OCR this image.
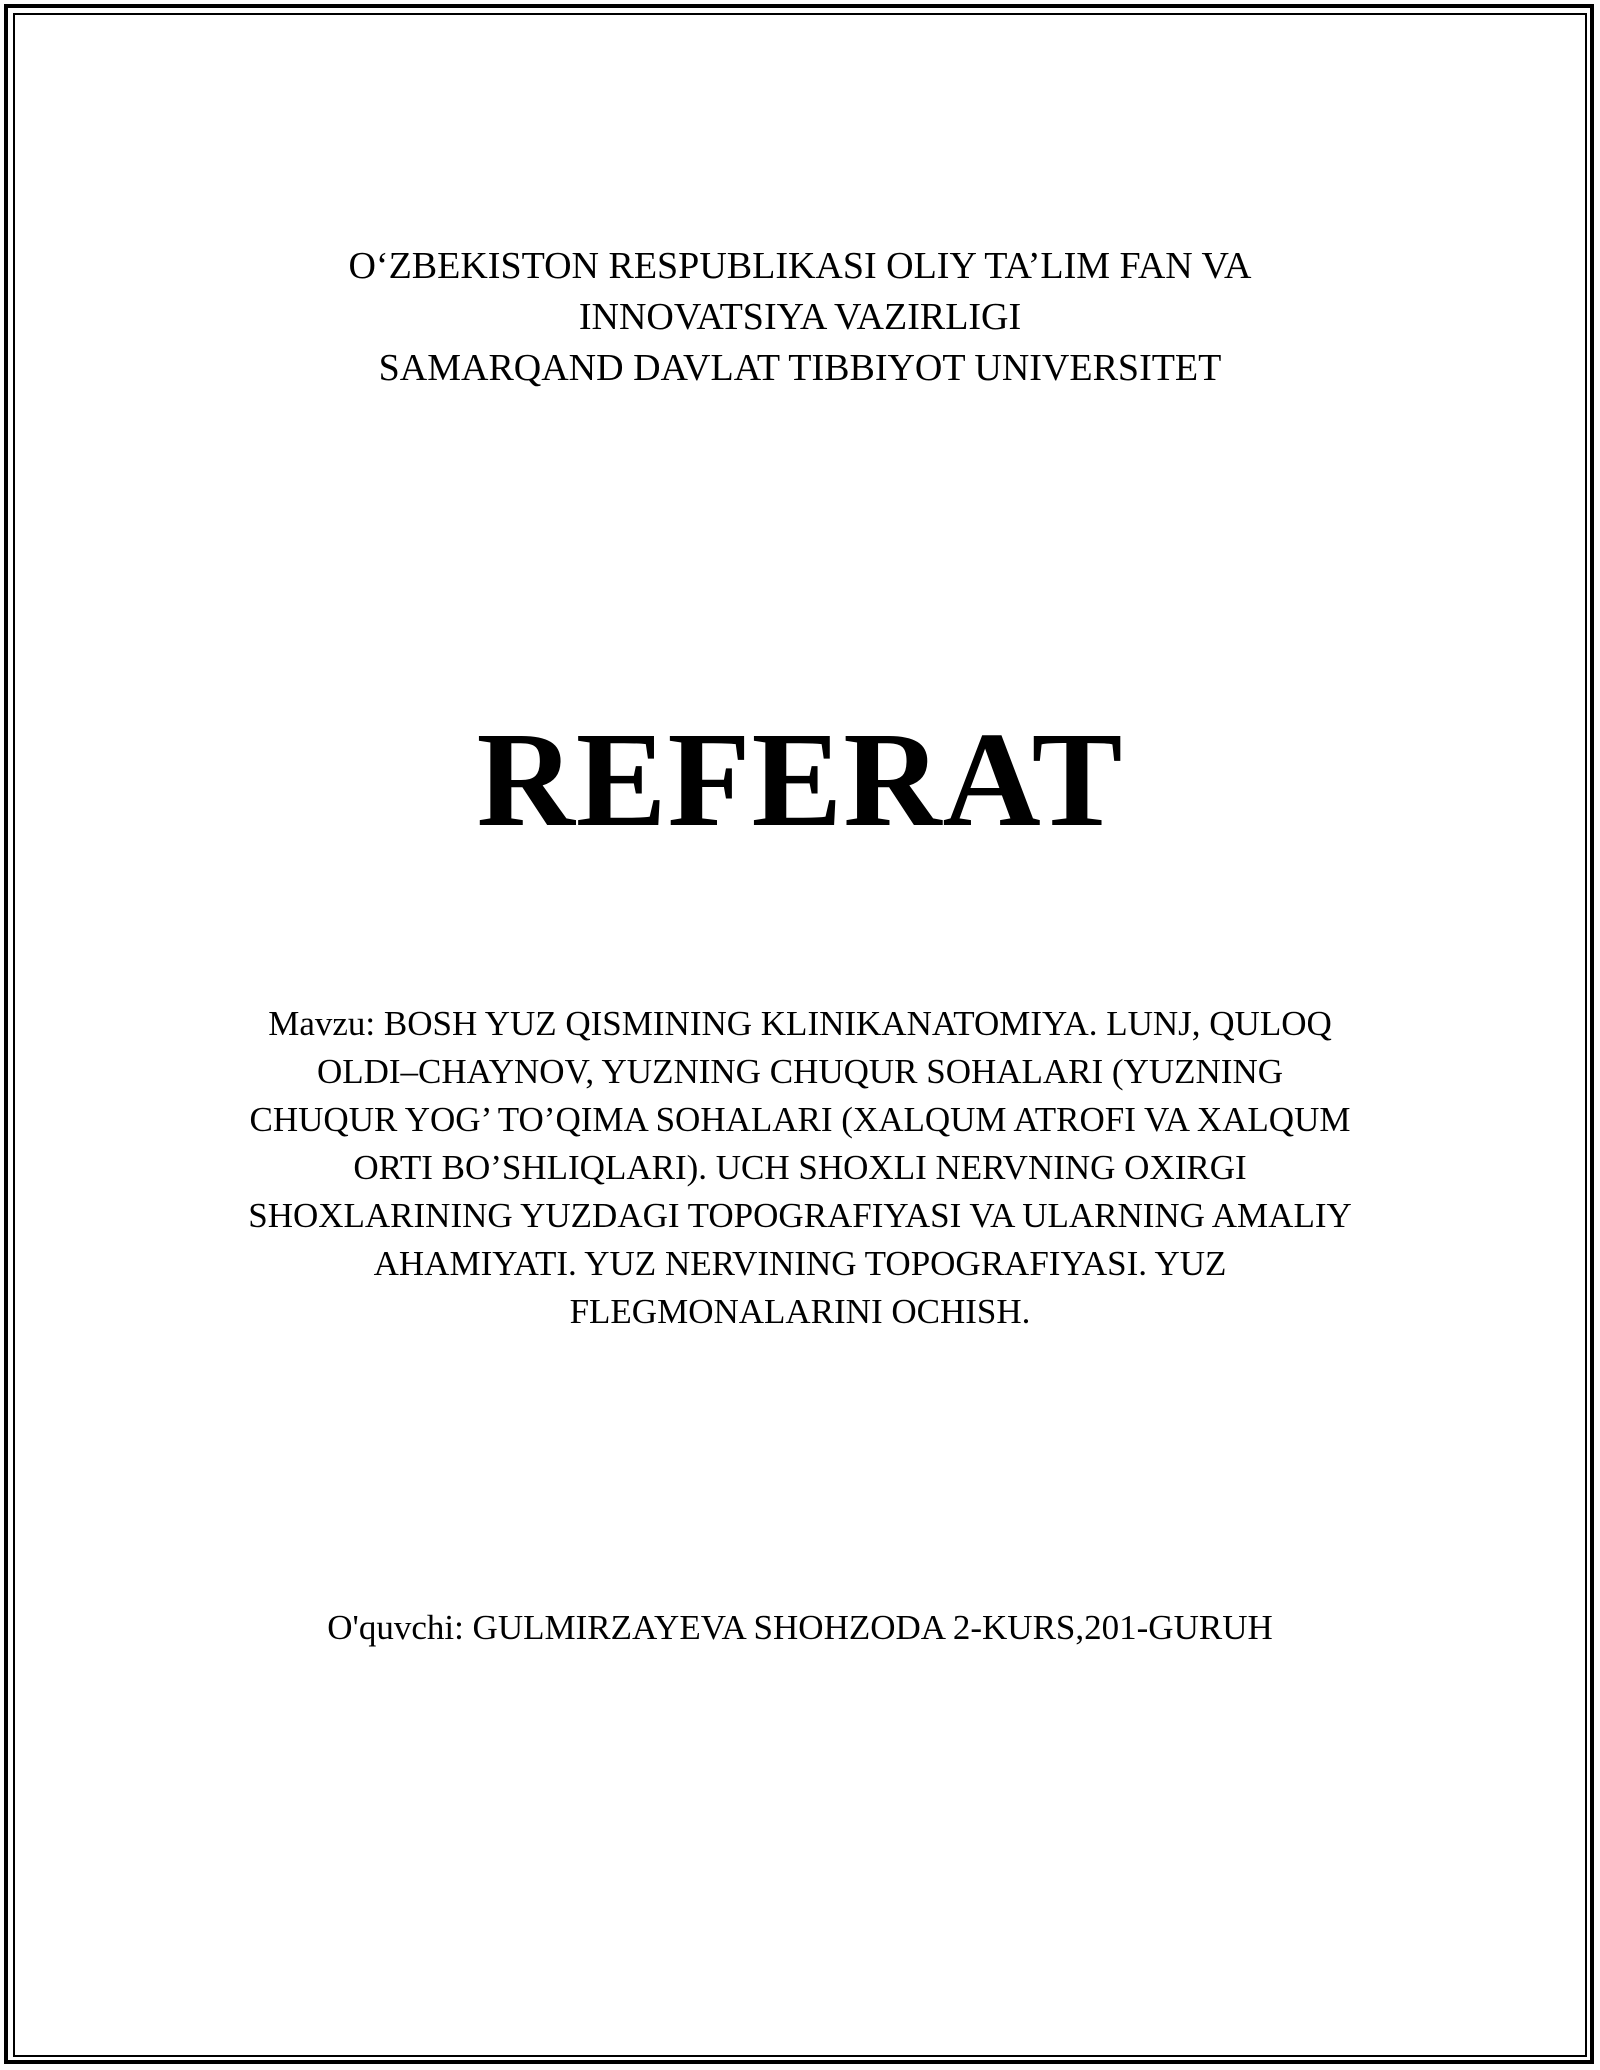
O‘ZBEKISTON RESPUBLIKASI OLIY TA’LIM FAN VA
INNOVATSIYA VAZIRLIGI
SAMARQAND DAVLAT TIBBIYOT UNIVERSITET
REFERAT

Mavzu: BOSH YUZ QISMINING KLINIKANATOMIYA. LUNJ, QULOQ OLDI–CHAYNOV, YUZNING CHUQUR SOHALARI (YUZNING CHUQUR YOG’ TO’QIMA SOHALARI (XALQUM ATROFI VA XALQUM ORTI BO’SHLIQLARI). UCH SHOXLI NERVNING OXIRGI SHOXLARINING YUZDAGI TOPOGRAFIYASI VA ULARNING AMALIY AHAMIYATI. YUZ NERVINING TOPOGRAFIYASI. YUZ FLEGMONALARINI OCHISH.

O'quvchi: GULMIRZAYEVA SHOHZODA 2-KURS,201-GURUH
